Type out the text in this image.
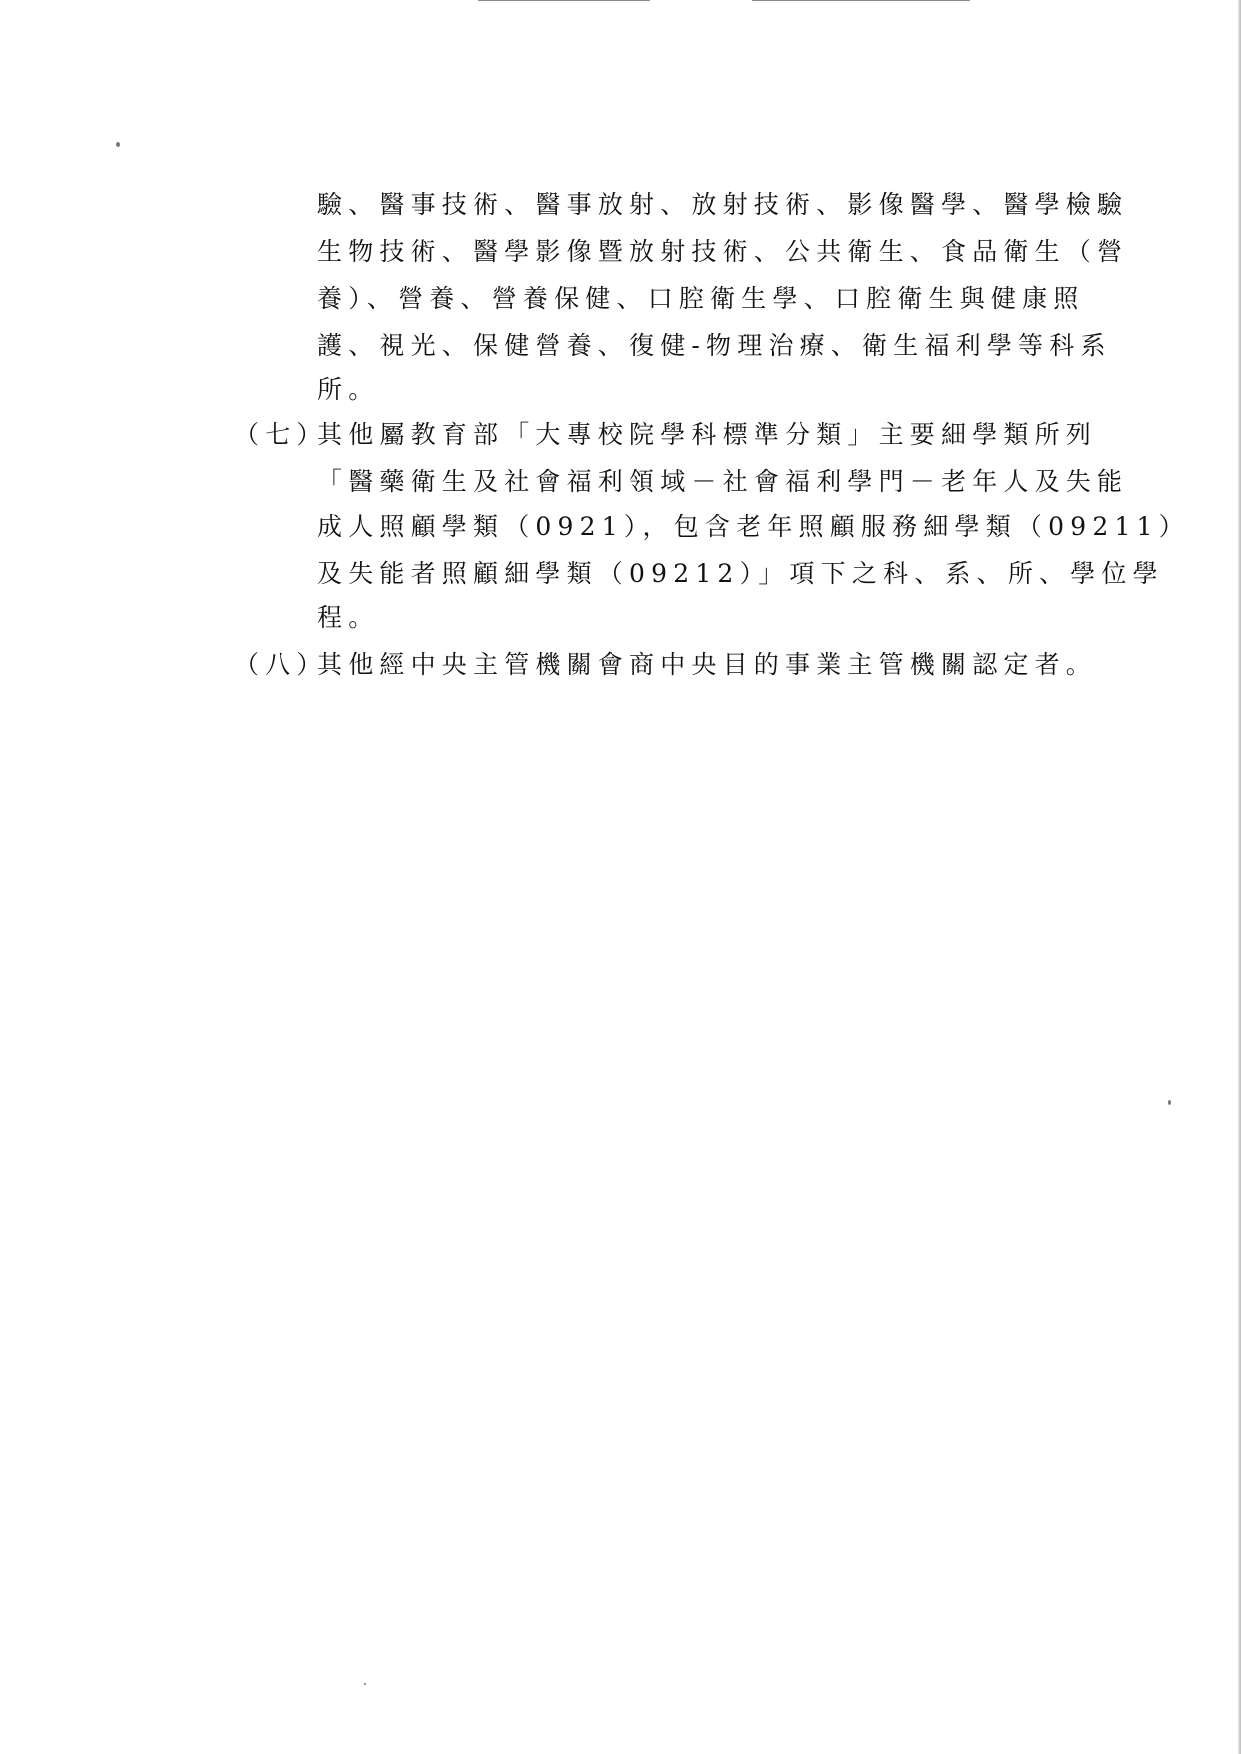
驗、醫事技術、醫事放射、放射技術、影像醫學、醫學檢驗
生物技術、醫學影像暨放射技術、公共衛生、食品衛生（營
養）、營養、營養保健、口腔衛生學、口腔衛生與健康照
護、視光、保健營養、復健-物理治療、衛生福利學等科系
所。
（七）
其他屬教育部「大專校院學科標準分類」主要細學類所列
「醫藥衛生及社會福利領域－社會福利學門－老年人及失能
成人照顧學類（0921），包含老年照顧服務細學類（09211）
及失能者照顧細學類（09212）」項下之科、系、所、學位學
程。
（八）
其他經中央主管機關會商中央目的事業主管機關認定者。
